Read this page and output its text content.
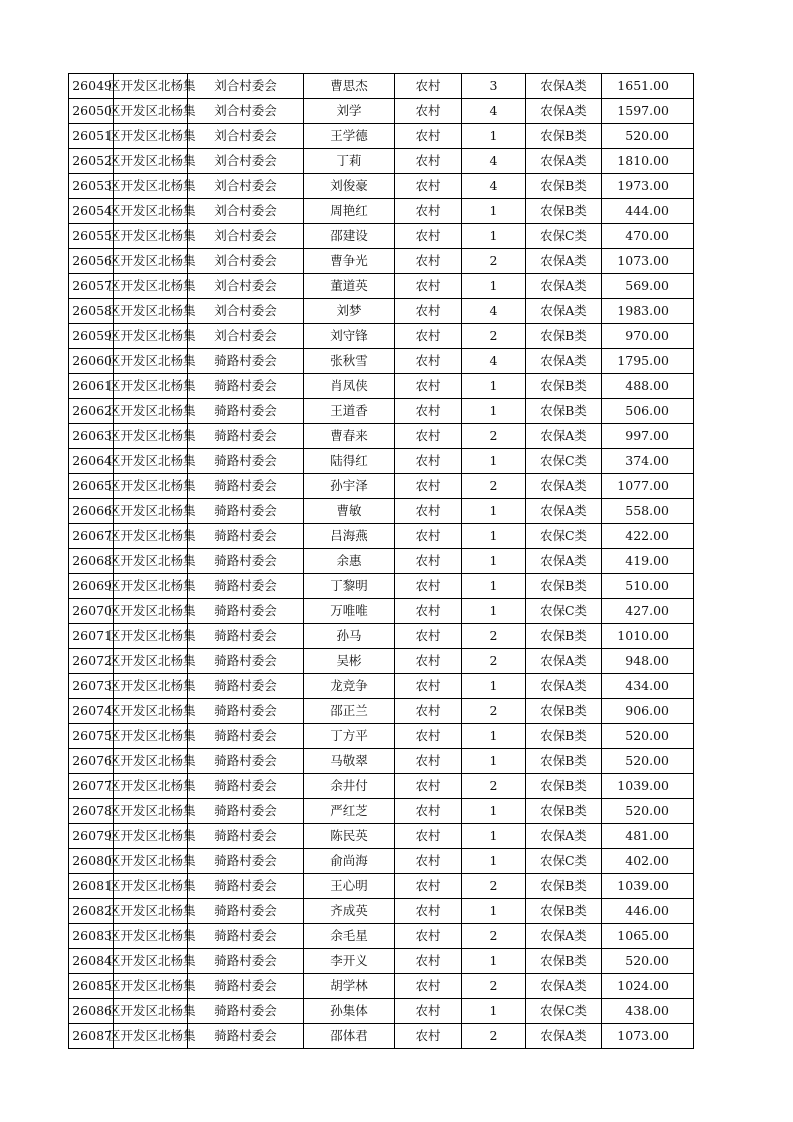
26049	区开发区北杨集	刘合村委会	曹思杰	农村	3	农保A类	1651.00
26050	区开发区北杨集	刘合村委会	刘学	农村	4	农保A类	1597.00
26051	区开发区北杨集	刘合村委会	王学德	农村	1	农保B类	520.00
26052	区开发区北杨集	刘合村委会	丁莉	农村	4	农保A类	1810.00
26053	区开发区北杨集	刘合村委会	刘俊豪	农村	4	农保B类	1973.00
26054	区开发区北杨集	刘合村委会	周艳红	农村	1	农保B类	444.00
26055	区开发区北杨集	刘合村委会	邵建设	农村	1	农保C类	470.00
26056	区开发区北杨集	刘合村委会	曹争光	农村	2	农保A类	1073.00
26057	区开发区北杨集	刘合村委会	董道英	农村	1	农保A类	569.00
26058	区开发区北杨集	刘合村委会	刘梦	农村	4	农保A类	1983.00
26059	区开发区北杨集	刘合村委会	刘守锋	农村	2	农保B类	970.00
26060	区开发区北杨集	骑路村委会	张秋雪	农村	4	农保A类	1795.00
26061	区开发区北杨集	骑路村委会	肖凤侠	农村	1	农保B类	488.00
26062	区开发区北杨集	骑路村委会	王道香	农村	1	农保B类	506.00
26063	区开发区北杨集	骑路村委会	曹春来	农村	2	农保A类	997.00
26064	区开发区北杨集	骑路村委会	陆得红	农村	1	农保C类	374.00
26065	区开发区北杨集	骑路村委会	孙宇泽	农村	2	农保A类	1077.00
26066	区开发区北杨集	骑路村委会	曹敏	农村	1	农保A类	558.00
26067	区开发区北杨集	骑路村委会	吕海燕	农村	1	农保C类	422.00
26068	区开发区北杨集	骑路村委会	余惠	农村	1	农保A类	419.00
26069	区开发区北杨集	骑路村委会	丁黎明	农村	1	农保B类	510.00
26070	区开发区北杨集	骑路村委会	万唯唯	农村	1	农保C类	427.00
26071	区开发区北杨集	骑路村委会	孙马	农村	2	农保B类	1010.00
26072	区开发区北杨集	骑路村委会	吴彬	农村	2	农保A类	948.00
26073	区开发区北杨集	骑路村委会	龙竞争	农村	1	农保A类	434.00
26074	区开发区北杨集	骑路村委会	邵正兰	农村	2	农保B类	906.00
26075	区开发区北杨集	骑路村委会	丁方平	农村	1	农保B类	520.00
26076	区开发区北杨集	骑路村委会	马敬翠	农村	1	农保B类	520.00
26077	区开发区北杨集	骑路村委会	余井付	农村	2	农保B类	1039.00
26078	区开发区北杨集	骑路村委会	严红芝	农村	1	农保B类	520.00
26079	区开发区北杨集	骑路村委会	陈民英	农村	1	农保A类	481.00
26080	区开发区北杨集	骑路村委会	俞尚海	农村	1	农保C类	402.00
26081	区开发区北杨集	骑路村委会	王心明	农村	2	农保B类	1039.00
26082	区开发区北杨集	骑路村委会	齐成英	农村	1	农保B类	446.00
26083	区开发区北杨集	骑路村委会	余毛星	农村	2	农保A类	1065.00
26084	区开发区北杨集	骑路村委会	李开义	农村	1	农保B类	520.00
26085	区开发区北杨集	骑路村委会	胡学林	农村	2	农保A类	1024.00
26086	区开发区北杨集	骑路村委会	孙集体	农村	1	农保C类	438.00
26087	区开发区北杨集	骑路村委会	邵体君	农村	2	农保A类	1073.00
